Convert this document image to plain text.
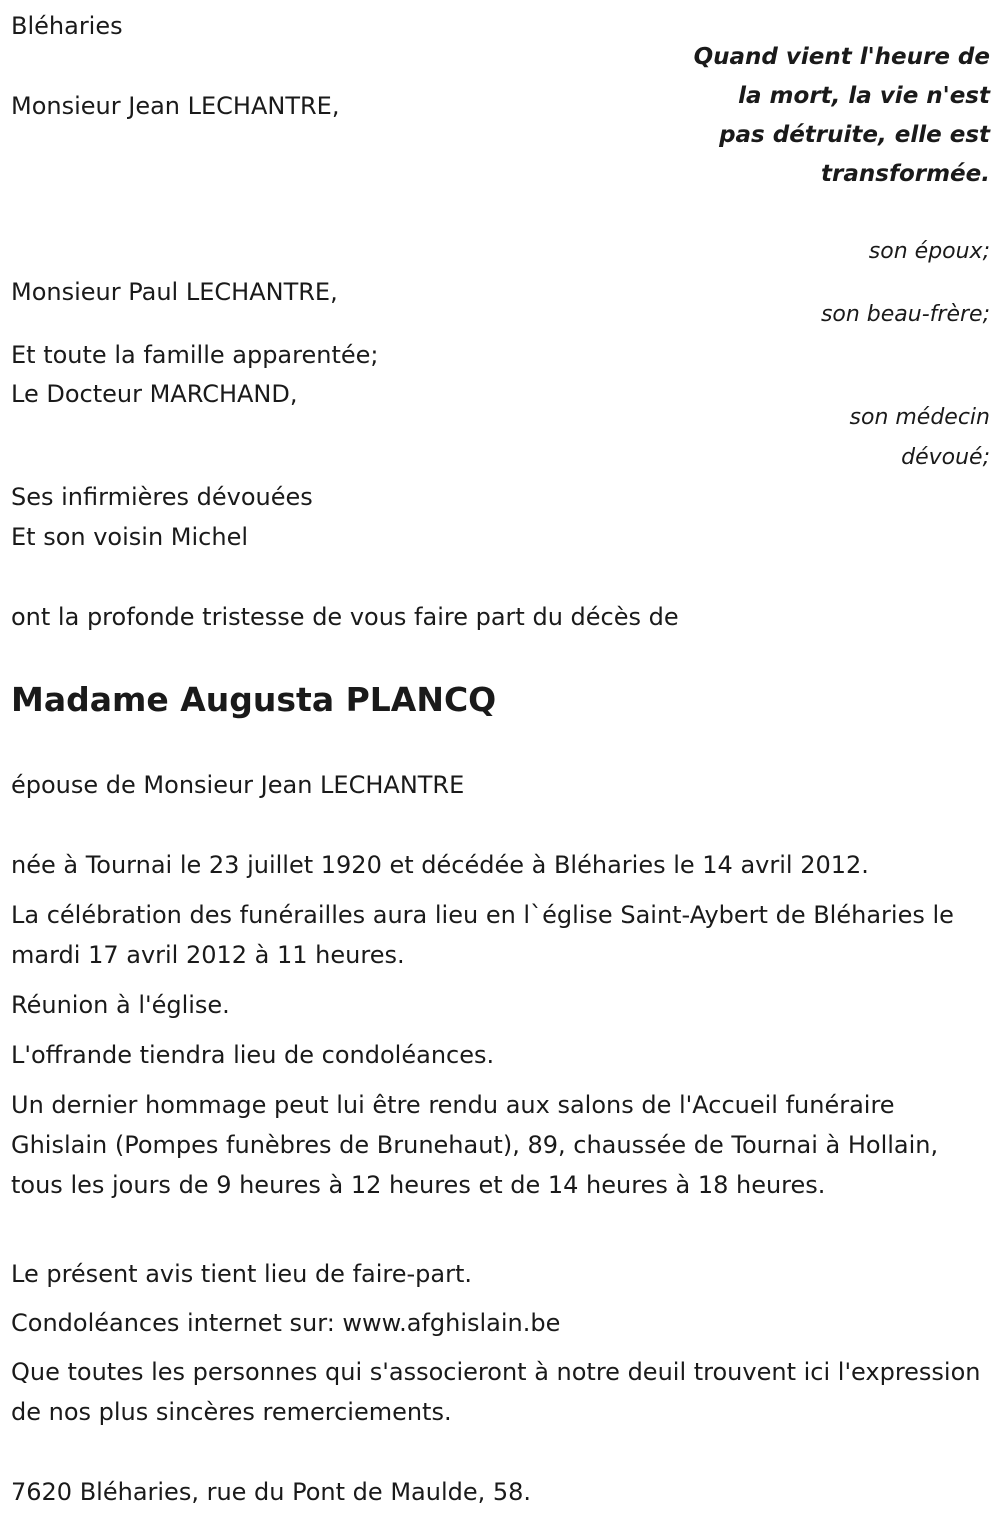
Bléharies

Quand vient l'heure de la mort, la vie n'est pas détruite, elle est transformée.

Monsieur Jean LECHANTRE,

son époux;

Monsieur Paul LECHANTRE,

son beau-frère;

Et toute la famille apparentée;

Le Docteur MARCHAND,

son médecin

dévoué;

Ses infirmières dévouées

Et son voisin Michel

ont la profonde tristesse de vous faire part du décès de

Madame Augusta PLANCQ

épouse de Monsieur Jean LECHANTRE

née à Tournai le 23 juillet 1920 et décédée à Bléharies le 14 avril 2012.

La célébration des funérailles aura lieu en l`église Saint-Aybert de Bléharies le mardi 17 avril 2012 à 11 heures.

Réunion à l'église.

L'offrande tiendra lieu de condoléances.

Un dernier hommage peut lui être rendu aux salons de l'Accueil funéraire Ghislain (Pompes funèbres de Brunehaut), 89, chaussée de Tournai à Hollain, tous les jours de 9 heures à 12 heures et de 14 heures à 18 heures.

Le présent avis tient lieu de faire-part.

Condoléances internet sur: www.afghislain.be

Que toutes les personnes qui s'associeront à notre deuil trouvent ici l'expression de nos plus sincères remerciements.

7620 Bléharies, rue du Pont de Maulde, 58.
